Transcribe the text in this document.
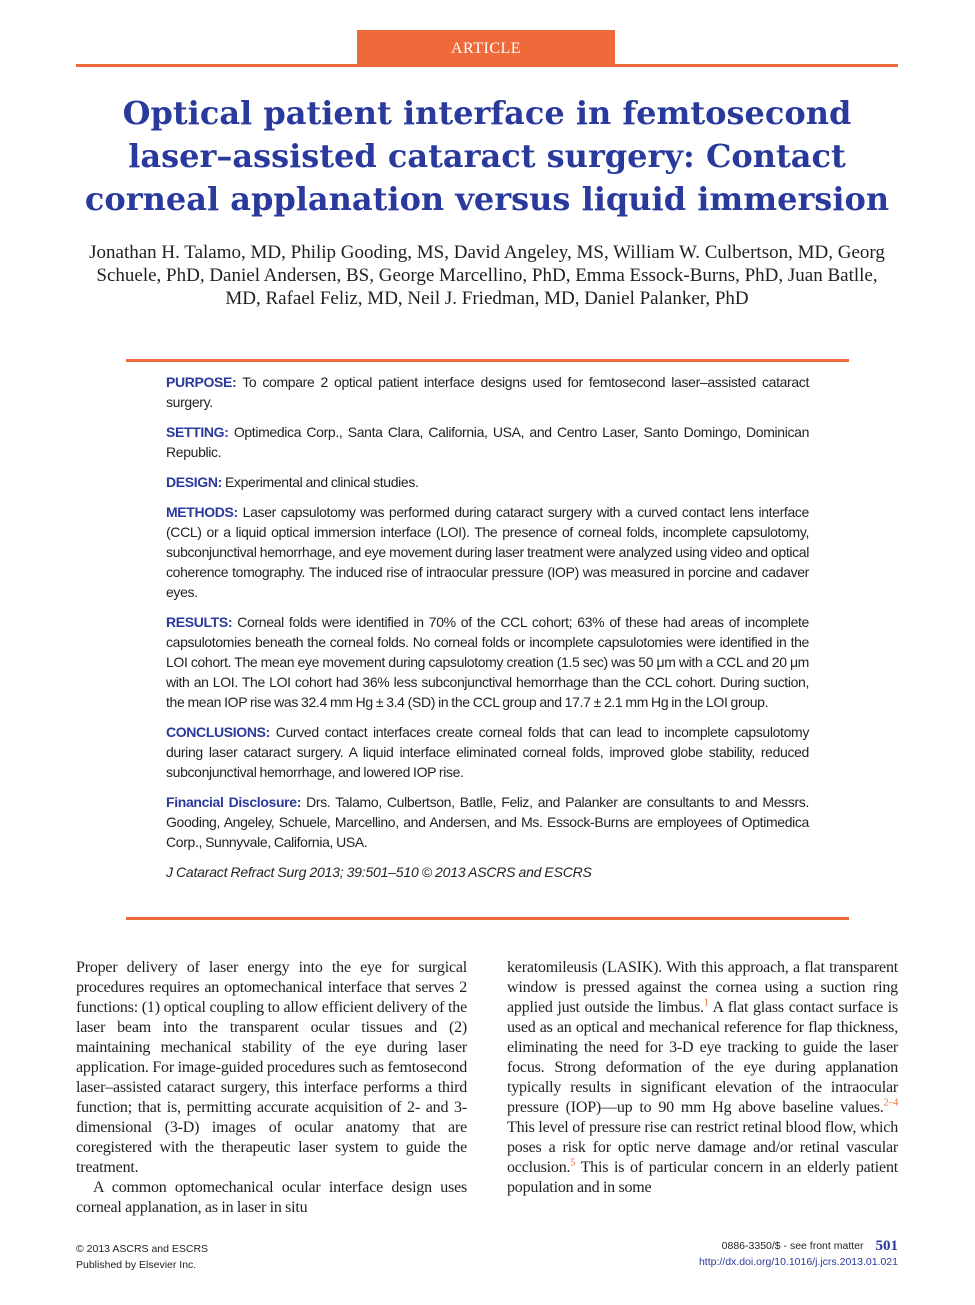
ARTICLE
Optical patient interface in femtosecond laser–assisted cataract surgery: Contact corneal applanation versus liquid immersion

Jonathan H. Talamo, MD, Philip Gooding, MS, David Angeley, MS, William W. Culbertson, MD, Georg Schuele, PhD, Daniel Andersen, BS, George Marcellino, PhD, Emma Essock-Burns, PhD, Juan Batlle, MD, Rafael Feliz, MD, Neil J. Friedman, MD, Daniel Palanker, PhD

PURPOSE: To compare 2 optical patient interface designs used for femtosecond laser–assisted cataract surgery.

SETTING: Optimedica Corp., Santa Clara, California, USA, and Centro Laser, Santo Domingo, Dominican Republic.

DESIGN: Experimental and clinical studies.

METHODS: Laser capsulotomy was performed during cataract surgery with a curved contact lens interface (CCL) or a liquid optical immersion interface (LOI). The presence of corneal folds, incomplete capsulotomy, subconjunctival hemorrhage, and eye movement during laser treatment were analyzed using video and optical coherence tomography. The induced rise of intraocular pressure (IOP) was measured in porcine and cadaver eyes.

RESULTS: Corneal folds were identified in 70% of the CCL cohort; 63% of these had areas of incomplete capsulotomies beneath the corneal folds. No corneal folds or incomplete capsulotomies were identified in the LOI cohort. The mean eye movement during capsulotomy creation (1.5 sec) was 50 μm with a CCL and 20 μm with an LOI. The LOI cohort had 36% less subconjunctival hemorrhage than the CCL cohort. During suction, the mean IOP rise was 32.4 mm Hg ± 3.4 (SD) in the CCL group and 17.7 ± 2.1 mm Hg in the LOI group.

CONCLUSIONS: Curved contact interfaces create corneal folds that can lead to incomplete capsulotomy during laser cataract surgery. A liquid interface eliminated corneal folds, improved globe stability, reduced subconjunctival hemorrhage, and lowered IOP rise.

Financial Disclosure: Drs. Talamo, Culbertson, Batlle, Feliz, and Palanker are consultants to and Messrs. Gooding, Angeley, Schuele, Marcellino, and Andersen, and Ms. Essock-Burns are employees of Optimedica Corp., Sunnyvale, California, USA.

J Cataract Refract Surg 2013; 39:501–510 © 2013 ASCRS and ESCRS

Proper delivery of laser energy into the eye for surgical procedures requires an optomechanical interface that serves 2 functions: (1) optical coupling to allow efficient delivery of the laser beam into the transparent ocular tissues and (2) maintaining mechanical stability of the eye during laser application. For image-guided procedures such as femtosecond laser–assisted cataract surgery, this interface performs a third function; that is, permitting accurate acquisition of 2- and 3-dimensional (3-D) images of ocular anatomy that are coregistered with the therapeutic laser system to guide the treatment.

A common optomechanical ocular interface design uses corneal applanation, as in laser in situ

keratomileusis (LASIK). With this approach, a flat transparent window is pressed against the cornea using a suction ring applied just outside the limbus.$^1$ A flat glass contact surface is used as an optical and mechanical reference for flap thickness, eliminating the need for 3-D eye tracking to guide the laser focus. Strong deformation of the eye during applanation typically results in significant elevation of the intraocular pressure (IOP)—up to 90 mm Hg above baseline values.$^{2-4}$ This level of pressure rise can restrict retinal blood flow, which poses a risk for optic nerve damage and/or retinal vascular occlusion.$^5$ This is of particular concern in an elderly patient population and in some

© 2013 ASCRS and ESCRS
Published by Elsevier Inc.
0886-3350/$ - see front matter 501
http://dx.doi.org/10.1016/j.jcrs.2013.01.021
